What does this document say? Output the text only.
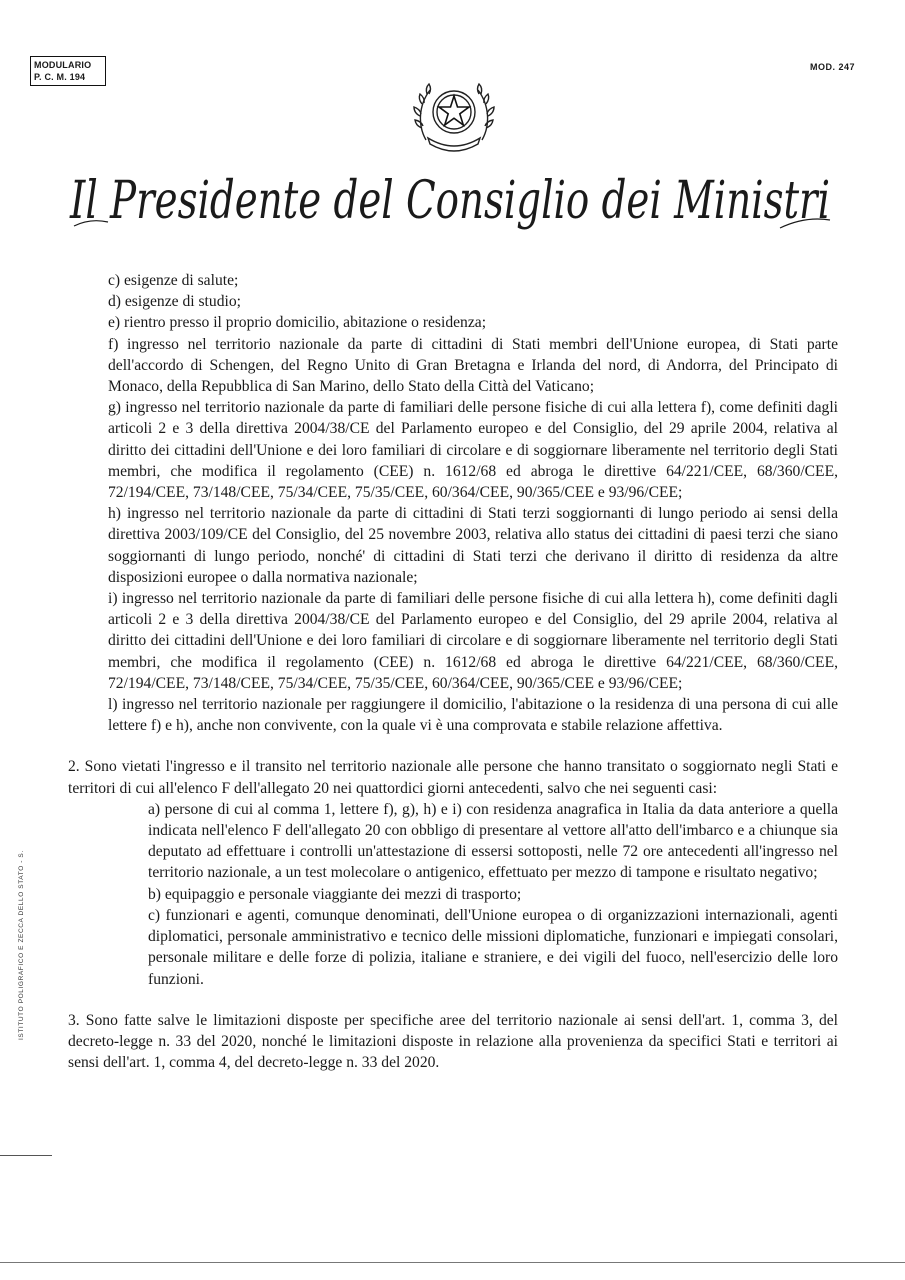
MODULARIO
P. C. M. 194
MOD. 247
Il Presidente del Consiglio dei Ministri

c) esigenze di salute;

d) esigenze di studio;

e) rientro presso il proprio domicilio, abitazione o residenza;

f) ingresso nel territorio nazionale da parte di cittadini di Stati membri dell'Unione europea, di Stati parte dell'accordo di Schengen, del Regno Unito di Gran Bretagna e Irlanda del nord, di Andorra, del Principato di Monaco, della Repubblica di San Marino, dello Stato della Città del Vaticano;

g) ingresso nel territorio nazionale da parte di familiari delle persone fisiche di cui alla lettera f), come definiti dagli articoli 2 e 3 della direttiva 2004/38/CE del Parlamento europeo e del Consiglio, del 29 aprile 2004, relativa al diritto dei cittadini dell'Unione e dei loro familiari di circolare e di soggiornare liberamente nel territorio degli Stati membri, che modifica il regolamento (CEE) n. 1612/68 ed abroga le direttive 64/221/CEE, 68/360/CEE, 72/194/CEE, 73/148/CEE, 75/34/CEE, 75/35/CEE, 60/364/CEE, 90/365/CEE e 93/96/CEE;

h) ingresso nel territorio nazionale da parte di cittadini di Stati terzi soggiornanti di lungo periodo ai sensi della direttiva 2003/109/CE del Consiglio, del 25 novembre 2003, relativa allo status dei cittadini di paesi terzi che siano soggiornanti di lungo periodo, nonché' di cittadini di Stati terzi che derivano il diritto di residenza da altre disposizioni europee o dalla normativa nazionale;

i) ingresso nel territorio nazionale da parte di familiari delle persone fisiche di cui alla lettera h), come definiti dagli articoli 2 e 3 della direttiva 2004/38/CE del Parlamento europeo e del Consiglio, del 29 aprile 2004, relativa al diritto dei cittadini dell'Unione e dei loro familiari di circolare e di soggiornare liberamente nel territorio degli Stati membri, che modifica il regolamento (CEE) n. 1612/68 ed abroga le direttive 64/221/CEE, 68/360/CEE, 72/194/CEE, 73/148/CEE, 75/34/CEE, 75/35/CEE, 60/364/CEE, 90/365/CEE e 93/96/CEE;

l) ingresso nel territorio nazionale per raggiungere il domicilio, l'abitazione o la residenza di una persona di cui alle lettere f) e h), anche non convivente, con la quale vi è una comprovata e stabile relazione affettiva.

2. Sono vietati l'ingresso e il transito nel territorio nazionale alle persone che hanno transitato o soggiornato negli Stati e territori di cui all'elenco F dell'allegato 20 nei quattordici giorni antecedenti, salvo che nei seguenti casi:

a) persone di cui al comma 1, lettere f), g), h) e i) con residenza anagrafica in Italia da data anteriore a quella indicata nell'elenco F dell'allegato 20 con obbligo di presentare al vettore all'atto dell'imbarco e a chiunque sia deputato ad effettuare i controlli un'attestazione di essersi sottoposti, nelle 72 ore antecedenti all'ingresso nel territorio nazionale, a un test molecolare o antigenico, effettuato per mezzo di tampone e risultato negativo;

b) equipaggio e personale viaggiante dei mezzi di trasporto;

c) funzionari e agenti, comunque denominati, dell'Unione europea o di organizzazioni internazionali, agenti diplomatici, personale amministrativo e tecnico delle missioni diplomatiche, funzionari e impiegati consolari, personale militare e delle forze di polizia, italiane e straniere, e dei vigili del fuoco, nell'esercizio delle loro funzioni.

3. Sono fatte salve le limitazioni disposte per specifiche aree del territorio nazionale ai sensi dell'art. 1, comma 3, del decreto-legge n. 33 del 2020, nonché le limitazioni disposte in relazione alla provenienza da specifici Stati e territori ai sensi dell'art. 1, comma 4, del decreto-legge n. 33 del 2020.

ISTITUTO POLIGRAFICO E ZECCA DELLO STATO - S.
